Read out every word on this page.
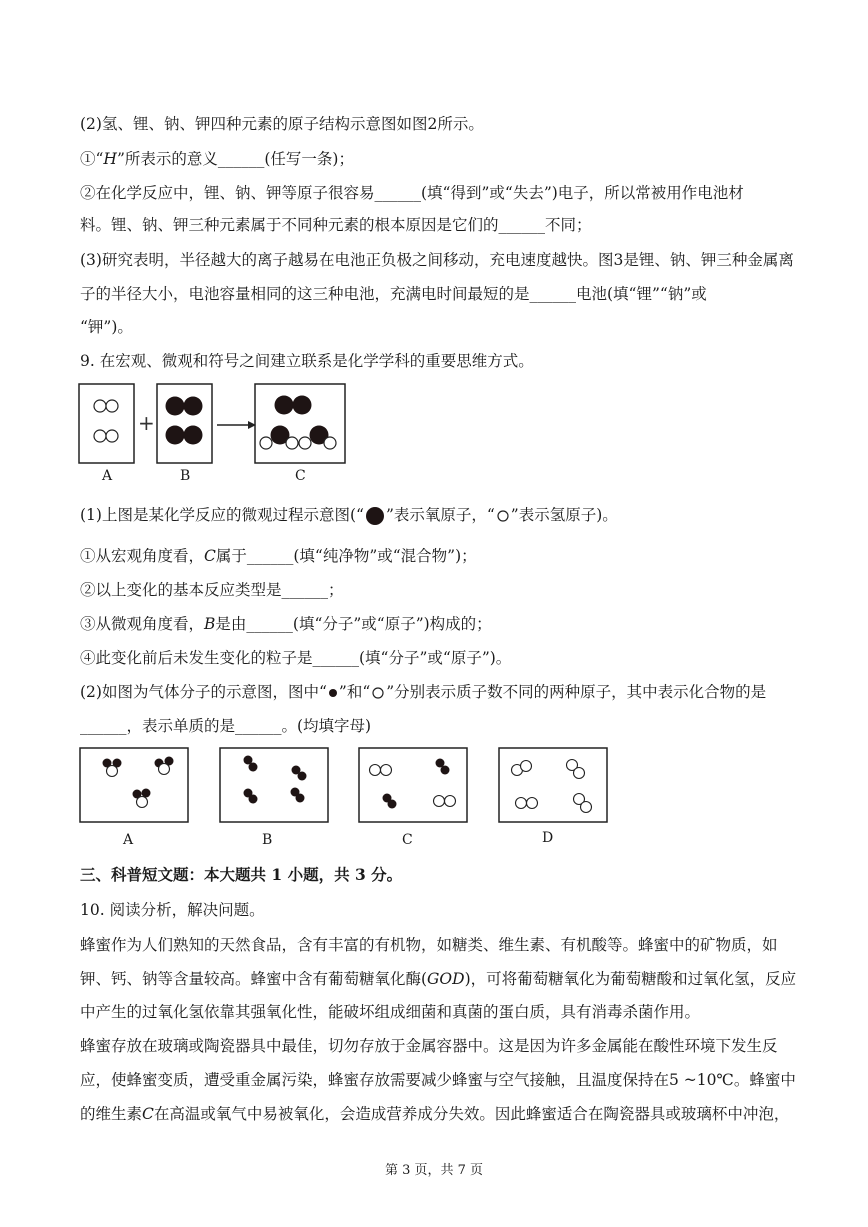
(2)氢、锂、钠、钾四种元素的原子结构示意图如图2所示。
①“𝐻”所表示的意义______(任写一条)；
②在化学反应中，锂、钠、钾等原子很容易______(填“得到”或“失去”)电子，所以常被用作电池材
料。锂、钠、钾三种元素属于不同种元素的根本原因是它们的______不同；
(3)研究表明，半径越大的离子越易在电池正负极之间移动，充电速度越快。图3是锂、钠、钾三种金属离
子的半径大小，电池容量相同的这三种电池，充满电时间最短的是______电池(填“锂”“钠”或
“钾”)。
9. 在宏观、微观和符号之间建立联系是化学学科的重要思维方式。
+
A	B	C
(1)上图是某化学反应的微观过程示意图(“ ”表示氧原子，“ ”表示氢原子)。
①从宏观角度看，𝐶属于______(填“纯净物”或“混合物”)；
②以上变化的基本反应类型是______；
③从微观角度看，𝐵是由______(填“分子”或“原子”)构成的；
④此变化前后未发生变化的粒子是______(填“分子”或“原子”)。
(2)如图为气体分子的示意图，图中“ ”和“ ”分别表示质子数不同的两种原子，其中表示化合物的是
______，表示单质的是______。(均填字母)
A	B	C	D
三、科普短文题：本大题共 1 小题，共 3 分。
10. 阅读分析，解决问题。
蜂蜜作为人们熟知的天然食品，含有丰富的有机物，如糖类、维生素、有机酸等。蜂蜜中的矿物质，如
钾、钙、钠等含量较高。蜂蜜中含有葡萄糖氧化酶(𝐺𝑂𝐷)，可将葡萄糖氧化为葡萄糖酸和过氧化氢，反应
中产生的过氧化氢依靠其强氧化性，能破坏组成细菌和真菌的蛋白质，具有消毒杀菌作用。
蜂蜜存放在玻璃或陶瓷器具中最佳，切勿存放于金属容器中。这是因为许多金属能在酸性环境下发生反
应，使蜂蜜变质，遭受重金属污染，蜂蜜存放需要减少蜂蜜与空气接触，且温度保持在5 ~10℃。蜂蜜中
的维生素𝐶在高温或氧气中易被氧化，会造成营养成分失效。因此蜂蜜适合在陶瓷器具或玻璃杯中冲泡，
第 3 页，共 7 页
